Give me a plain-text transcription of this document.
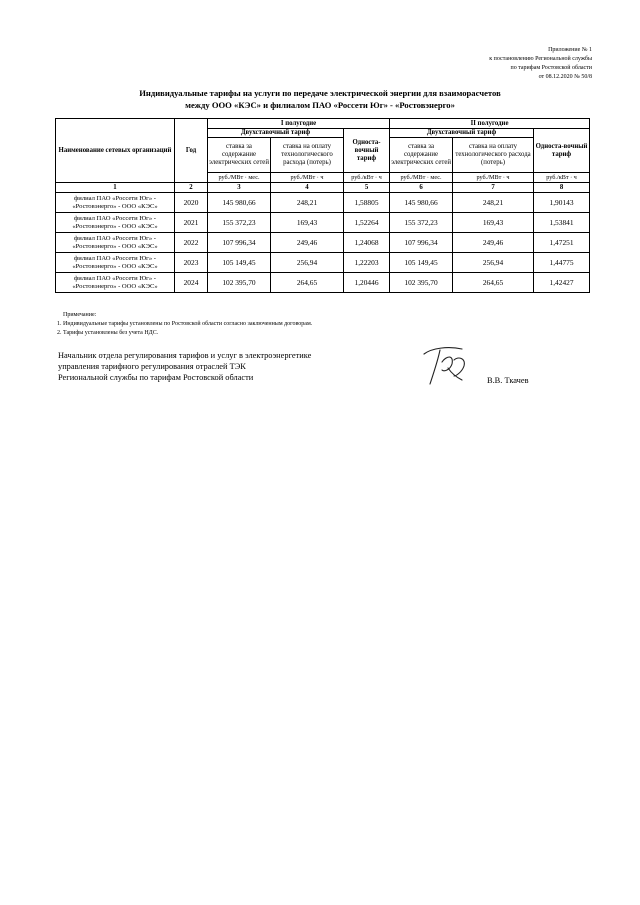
Приложение № 1
к постановлению Региональной службы
по тарифам Ростовской области
от 08.12.2020 № 50/8
Индивидуальные тарифы на услуги по передаче электрической энергии для взаиморасчетов
между ООО «КЭС» и филиалом ПАО «Россети Юг» - «Ростовэнерго»
Наименование сетевых организаций	Год	I полугодие			II полугодие		
		Двухставочный тариф		Односта-вочный тариф	Двухставочный тариф		Односта-вочный тариф
		ставка за содержание электрических сетей	ставка на оплату технологического расхода (потерь)		ставка за содержание электрических сетей	ставка на оплату технологического расхода (потерь)	
		руб./МВт · мес.	руб./МВт · ч	руб./кВт · ч	руб./МВт · мес.	руб./МВт · ч	руб./кВт · ч
1	2	3	4	5	6	7	8

филиал ПАО «Россети Юг» -
«Ростовэнерго» - ООО «КЭС»	2020	145 980,66	248,21	1,58805	145 980,66	248,21	1,90143

филиал ПАО «Россети Юг» -
«Ростовэнерго» - ООО «КЭС»	2021	155 372,23	169,43	1,52264	155 372,23	169,43	1,53841

филиал ПАО «Россети Юг» -
«Ростовэнерго» - ООО «КЭС»	2022	107 996,34	249,46	1,24068	107 996,34	249,46	1,47251

филиал ПАО «Россети Юг» -
«Ростовэнерго» - ООО «КЭС»	2023	105 149,45	256,94	1,22203	105 149,45	256,94	1,44775

филиал ПАО «Россети Юг» -
«Ростовэнерго» - ООО «КЭС»	2024	102 395,70	264,65	1,20446	102 395,70	264,65	1,42427
Примечание:
1. Индивидуальные тарифы установлены по Ростовской области согласно заключенным договорам.
2. Тарифы установлены без учета НДС.
Начальник отдела регулирования тарифов и услуг в электроэнергетике
управления тарифного регулирования отраслей ТЭК
Региональной службы по тарифам Ростовской области	В.В. Ткачев
